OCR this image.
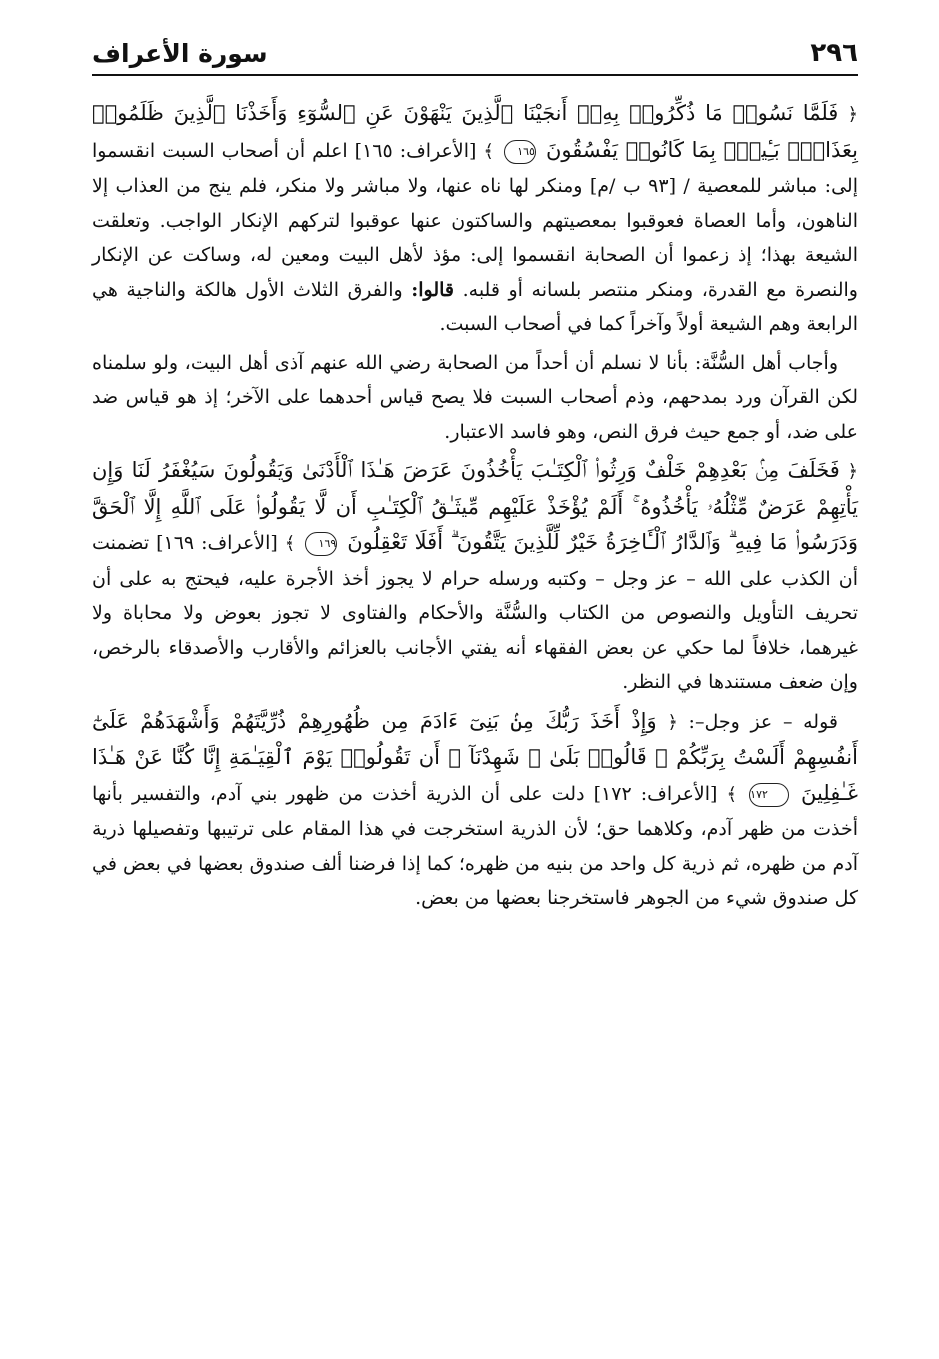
٢٩٦
سورة الأعراف

﴿ فَلَمَّا نَسُوا۟ مَا ذُكِّرُوا۟ بِهِۦٓ أَنجَيْنَا ٱلَّذِينَ يَنْهَوْنَ عَنِ ٱلسُّوٓءِ وَأَخَذْنَا ٱلَّذِينَ ظَلَمُوا۟ بِعَذَابٍۭ بَـِٔيسٍۭ بِمَا كَانُوا۟ يَفْسُقُونَ ١٦٥ ﴾ [الأعراف: ١٦٥] اعلم أن أصحاب السبت انقسموا إلى: مباشر للمعصية / [٩٣ ب /م] ومنكر لها ناه عنها، ولا مباشر ولا منكر، فلم ينج من العذاب إلا الناهون، وأما العصاة فعوقبوا بمعصيتهم والساكتون عنها عوقبوا لتركهم الإنكار الواجب. وتعلقت الشيعة بهذا؛ إذ زعموا أن الصحابة انقسموا إلى: مؤذ لأهل البيت ومعين له، وساكت عن الإنكار والنصرة مع القدرة، ومنكر منتصر بلسانه أو قلبه. قالوا: والفرق الثلاث الأول هالكة والناجية هي الرابعة وهم الشيعة أولاً وآخراً كما في أصحاب السبت.

وأجاب أهل السُّنَّة: بأنا لا نسلم أن أحداً من الصحابة رضي الله عنهم آذى أهل البيت، ولو سلمناه لكن القرآن ورد بمدحهم، وذم أصحاب السبت فلا يصح قياس أحدهما على الآخر؛ إذ هو قياس ضد على ضد، أو جمع حيث فرق النص، وهو فاسد الاعتبار.

﴿ فَخَلَفَ مِنۢ بَعْدِهِمْ خَلْفٌ وَرِثُوا۟ ٱلْكِتَـٰبَ يَأْخُذُونَ عَرَضَ هَـٰذَا ٱلْأَدْنَىٰ وَيَقُولُونَ سَيُغْفَرُ لَنَا وَإِن يَأْتِهِمْ عَرَضٌ مِّثْلُهُۥ يَأْخُذُوهُ ۚ أَلَمْ يُؤْخَذْ عَلَيْهِم مِّيثَـٰقُ ٱلْكِتَـٰبِ أَن لَّا يَقُولُوا۟ عَلَى ٱللَّهِ إِلَّا ٱلْحَقَّ وَدَرَسُوا۟ مَا فِيهِ ۗ وَٱلدَّارُ ٱلْـَٔاخِرَةُ خَيْرٌ لِّلَّذِينَ يَتَّقُونَ ۗ أَفَلَا تَعْقِلُونَ ١٦٩ ﴾ [الأعراف: ١٦٩] تضمنت أن الكذب على الله – عز وجل – وكتبه ورسله حرام لا يجوز أخذ الأجرة عليه، فيحتج به على أن تحريف التأويل والنصوص من الكتاب والسُّنَّة والأحكام والفتاوى لا تجوز بعوض ولا محاباة ولا غيرهما، خلافاً لما حكي عن بعض الفقهاء أنه يفتي الأجانب بالعزائم والأقارب والأصدقاء بالرخص، وإن ضعف مستندها في النظر.

قوله – عز وجل–: ﴿ وَإِذْ أَخَذَ رَبُّكَ مِنۢ بَنِىٓ ءَادَمَ مِن ظُهُورِهِمْ ذُرِّيَّتَهُمْ وَأَشْهَدَهُمْ عَلَىٰٓ أَنفُسِهِمْ أَلَسْتُ بِرَبِّكُمْ ۖ قَالُوا۟ بَلَىٰ ۛ شَهِدْنَآ ۛ أَن تَقُولُوا۟ يَوْمَ ٱلْقِيَـٰمَةِ إِنَّا كُنَّا عَنْ هَـٰذَا غَـٰفِلِينَ ١٧٢ ﴾ [الأعراف: ١٧٢] دلت على أن الذرية أخذت من ظهور بني آدم، والتفسير بأنها أخذت من ظهر آدم، وكلاهما حق؛ لأن الذرية استخرجت في هذا المقام على ترتيبها وتفصيلها ذرية آدم من ظهره، ثم ذرية كل واحد من بنيه من ظهره؛ كما إذا فرضنا ألف صندوق بعضها في بعض في كل صندوق شيء من الجوهر فاستخرجنا بعضها من بعض.
